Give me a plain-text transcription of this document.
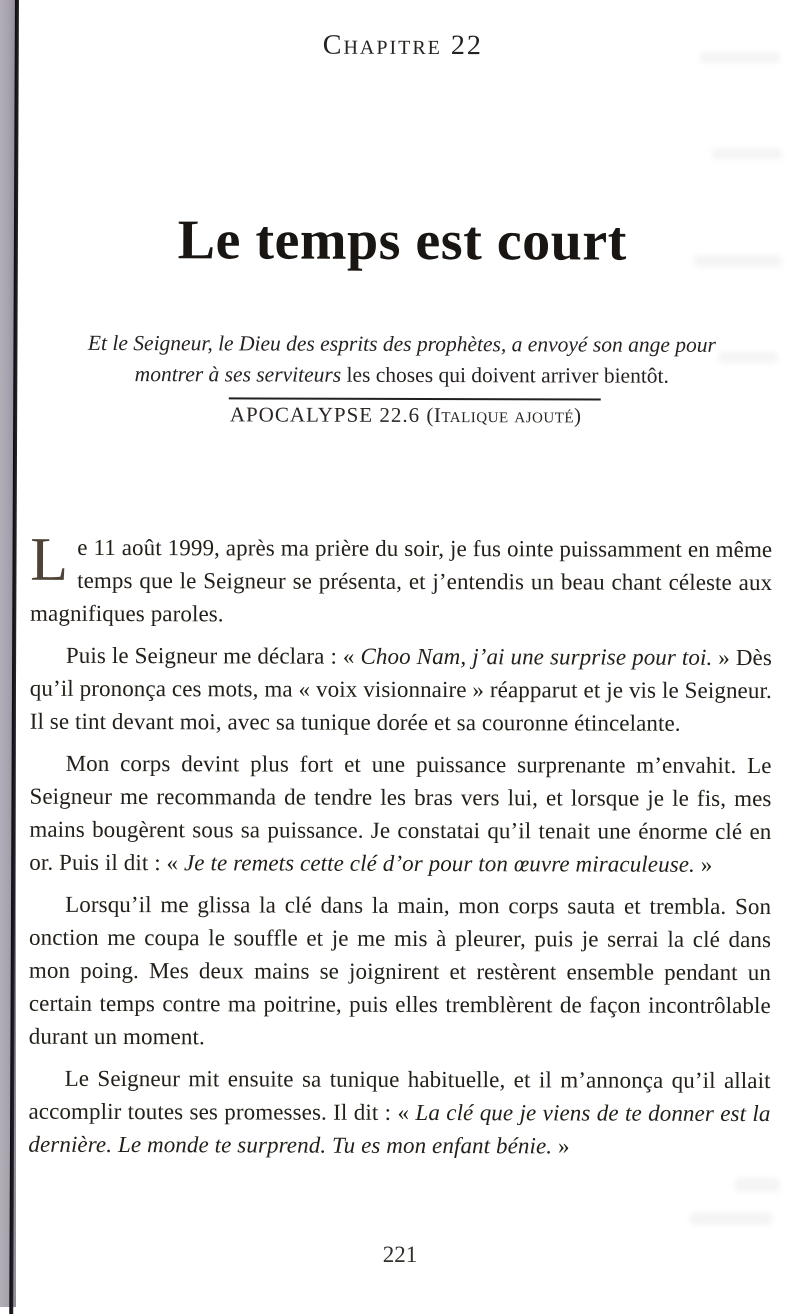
Chapitre 22
Le temps est court
Et le Seigneur, le Dieu des esprits des prophètes, a envoyé son ange pour montrer à ses serviteurs les choses qui doivent arriver bientôt.
APOCALYPSE 22.6 (Italique ajouté)

Le 11 août 1999, après ma prière du soir, je fus ointe puissamment en même temps que le Seigneur se présenta, et j’entendis un beau chant céleste aux magnifiques paroles.

Puis le Seigneur me déclara : « Choo Nam, j’ai une surprise pour toi. » Dès qu’il prononça ces mots, ma « voix visionnaire » réapparut et je vis le Seigneur. Il se tint devant moi, avec sa tunique dorée et sa couronne étincelante.

Mon corps devint plus fort et une puissance surprenante m’envahit. Le Seigneur me recommanda de tendre les bras vers lui, et lorsque je le fis, mes mains bougèrent sous sa puissance. Je constatai qu’il tenait une énorme clé en or. Puis il dit : « Je te remets cette clé d’or pour ton œuvre miraculeuse. »

Lorsqu’il me glissa la clé dans la main, mon corps sauta et trembla. Son onction me coupa le souffle et je me mis à pleurer, puis je serrai la clé dans mon poing. Mes deux mains se joignirent et restèrent ensemble pendant un certain temps contre ma poitrine, puis elles tremblèrent de façon incontrôlable durant un moment.

Le Seigneur mit ensuite sa tunique habituelle, et il m’annonça qu’il allait accomplir toutes ses promesses. Il dit : « La clé que je viens de te donner est la dernière. Le monde te surprend. Tu es mon enfant bénie. »

221
